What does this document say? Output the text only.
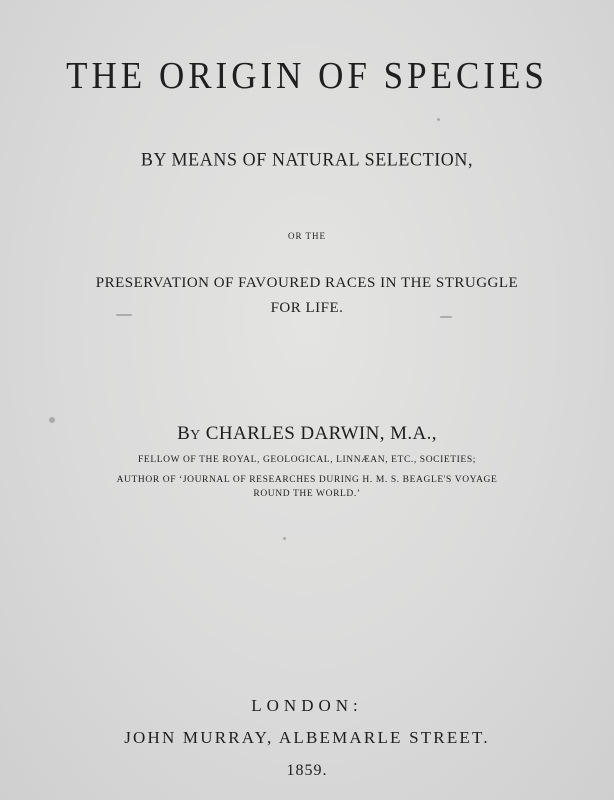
THE ORIGIN OF SPECIES
BY MEANS OF NATURAL SELECTION,
OR THE
PRESERVATION OF FAVOURED RACES IN THE STRUGGLE
FOR LIFE.
BY CHARLES DARWIN, M.A.,
FELLOW OF THE ROYAL, GEOLOGICAL, LINNÆAN, ETC., SOCIETIES;
AUTHOR OF ‘JOURNAL OF RESEARCHES DURING H. M. S. BEAGLE'S VOYAGE
ROUND THE WORLD.’
LONDON:
JOHN MURRAY, ALBEMARLE STREET.
1859.
